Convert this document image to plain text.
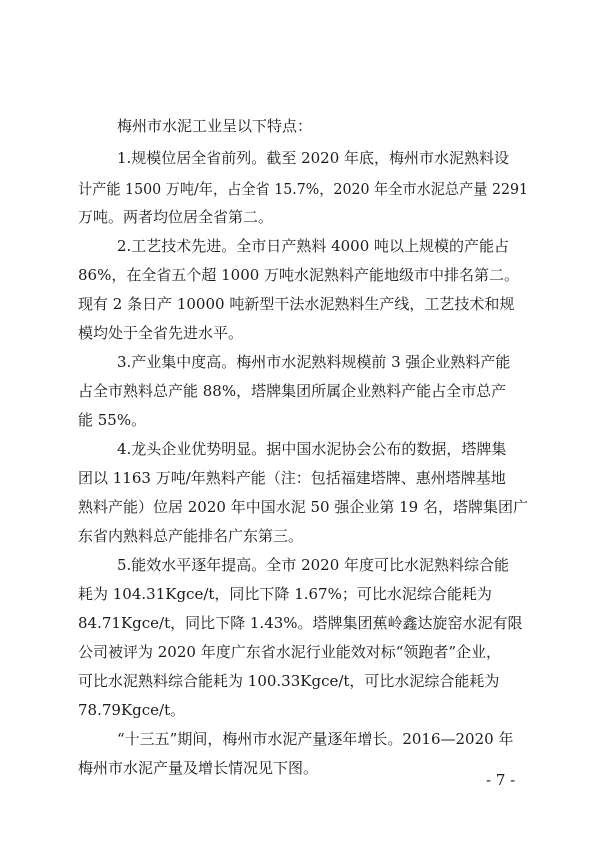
梅州市水泥工业呈以下特点：
1.规模位居全省前列。截至 2020 年底，梅州市水泥熟料设
计产能 1500 万吨/年，占全省 15.7%，2020 年全市水泥总产量 2291
万吨。两者均位居全省第二。
2.工艺技术先进。全市日产熟料 4000 吨以上规模的产能占
86%，在全省五个超 1000 万吨水泥熟料产能地级市中排名第二。
现有 2 条日产 10000 吨新型干法水泥熟料生产线，工艺技术和规
模均处于全省先进水平。
3.产业集中度高。梅州市水泥熟料规模前 3 强企业熟料产能
占全市熟料总产能 88%，塔牌集团所属企业熟料产能占全市总产
能 55%。
4.龙头企业优势明显。据中国水泥协会公布的数据，塔牌集
团以 1163 万吨/年熟料产能（注：包括福建塔牌、惠州塔牌基地
熟料产能）位居 2020 年中国水泥 50 强企业第 19 名，塔牌集团广
东省内熟料总产能排名广东第三。
5.能效水平逐年提高。全市 2020 年度可比水泥熟料综合能
耗为 104.31Kgce/t，同比下降 1.67%；可比水泥综合能耗为
84.71Kgce/t，同比下降 1.43%。塔牌集团蕉岭鑫达旋窑水泥有限
公司被评为 2020 年度广东省水泥行业能效对标“领跑者”企业，
可比水泥熟料综合能耗为 100.33Kgce/t，可比水泥综合能耗为
78.79Kgce/t。
“十三五”期间，梅州市水泥产量逐年增长。2016—2020 年
梅州市水泥产量及增长情况见下图。
- 7 -
